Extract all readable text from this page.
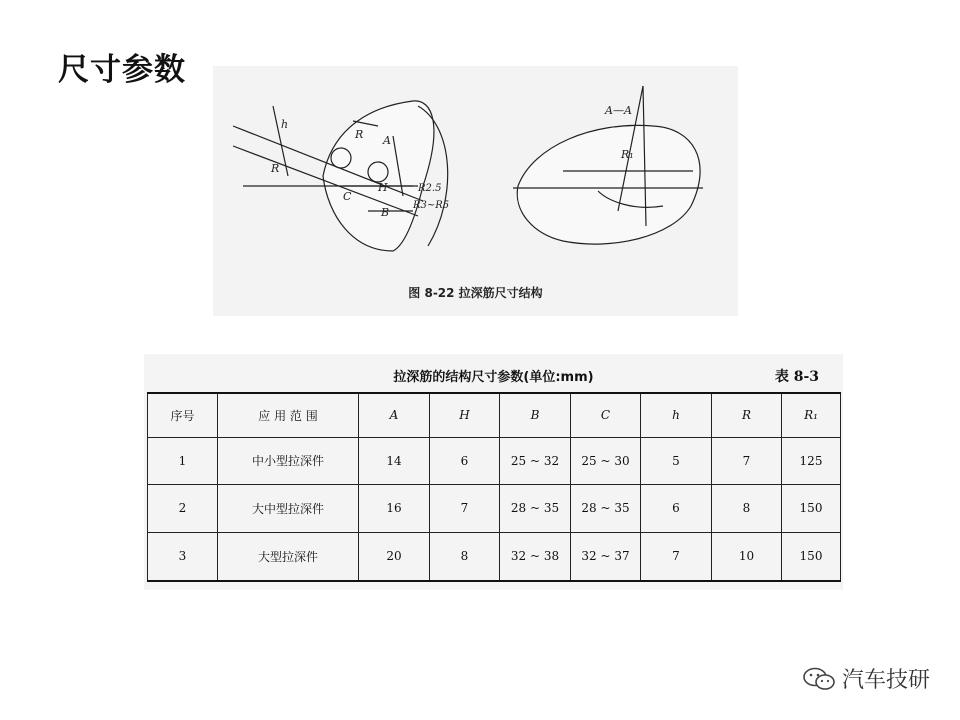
尺寸参数
h
R
R A
C
B
H	R2.5
R3~R5
A—A
R₁
图 8-22 拉深筋尺寸结构
拉深筋的结构尺寸参数(单位:mm)	表 8-3
序号	应 用 范 围	A	H	B	C	h	R	R₁
1	中小型拉深件	14	6	25 ~ 32	25 ~ 30	5	7	125
2	大中型拉深件	16	7	28 ~ 35	28 ~ 35	6	8	150
3	大型拉深件	20	8	32 ~ 38	32 ~ 37	7	10	150
汽车技研
